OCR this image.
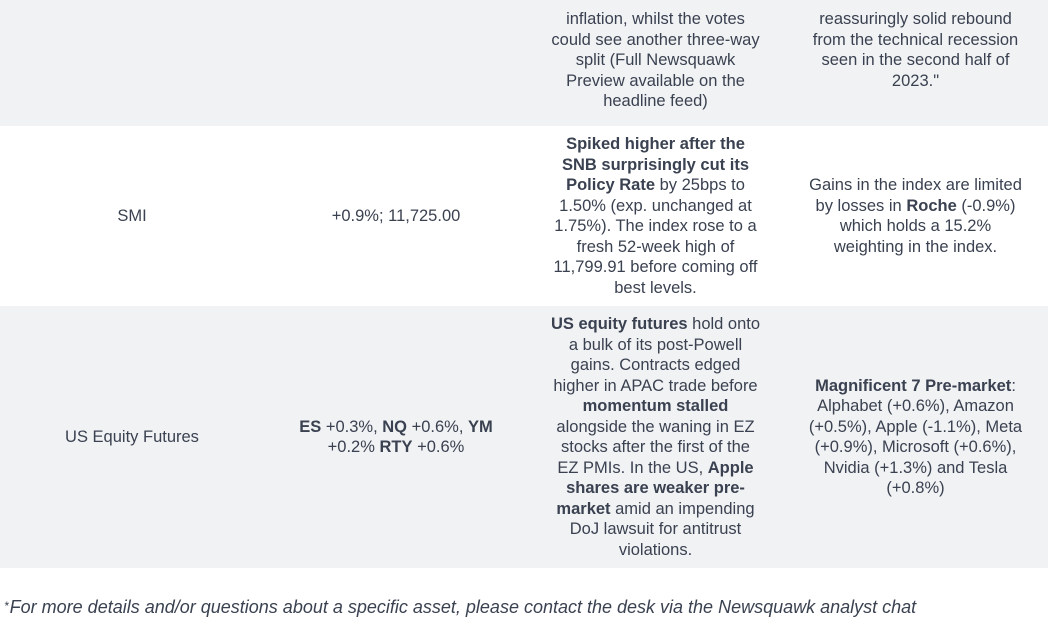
		inflation, whilst the votes could see another three-way split (Full Newsquawk Preview available on the headline feed)	reassuringly solid rebound from the technical recession seen in the second half of 2023."

SMI	+0.9%; 11,725.00	Spiked higher after the SNB surprisingly cut its Policy Rate by 25bps to 1.50% (exp. unchanged at 1.75%). The index rose to a fresh 52-week high of 11,799.91 before coming off best levels.	Gains in the index are limited by losses in Roche (-0.9%) which holds a 15.2% weighting in the index.

US Equity Futures	ES +0.3%, NQ +0.6%, YM +0.2% RTY +0.6%	US equity futures hold onto a bulk of its post-Powell gains. Contracts edged higher in APAC trade before momentum stalled alongside the waning in EZ stocks after the first of the EZ PMIs. In the US, Apple shares are weaker pre-market amid an impending DoJ lawsuit for antitrust violations.	Magnificent 7 Pre-market: Alphabet (+0.6%), Amazon (+0.5%), Apple (-1.1%), Meta (+0.9%), Microsoft (+0.6%), Nvidia (+1.3%) and Tesla (+0.8%)
*For more details and/or questions about a specific asset, please contact the desk via the Newsquawk analyst chat
